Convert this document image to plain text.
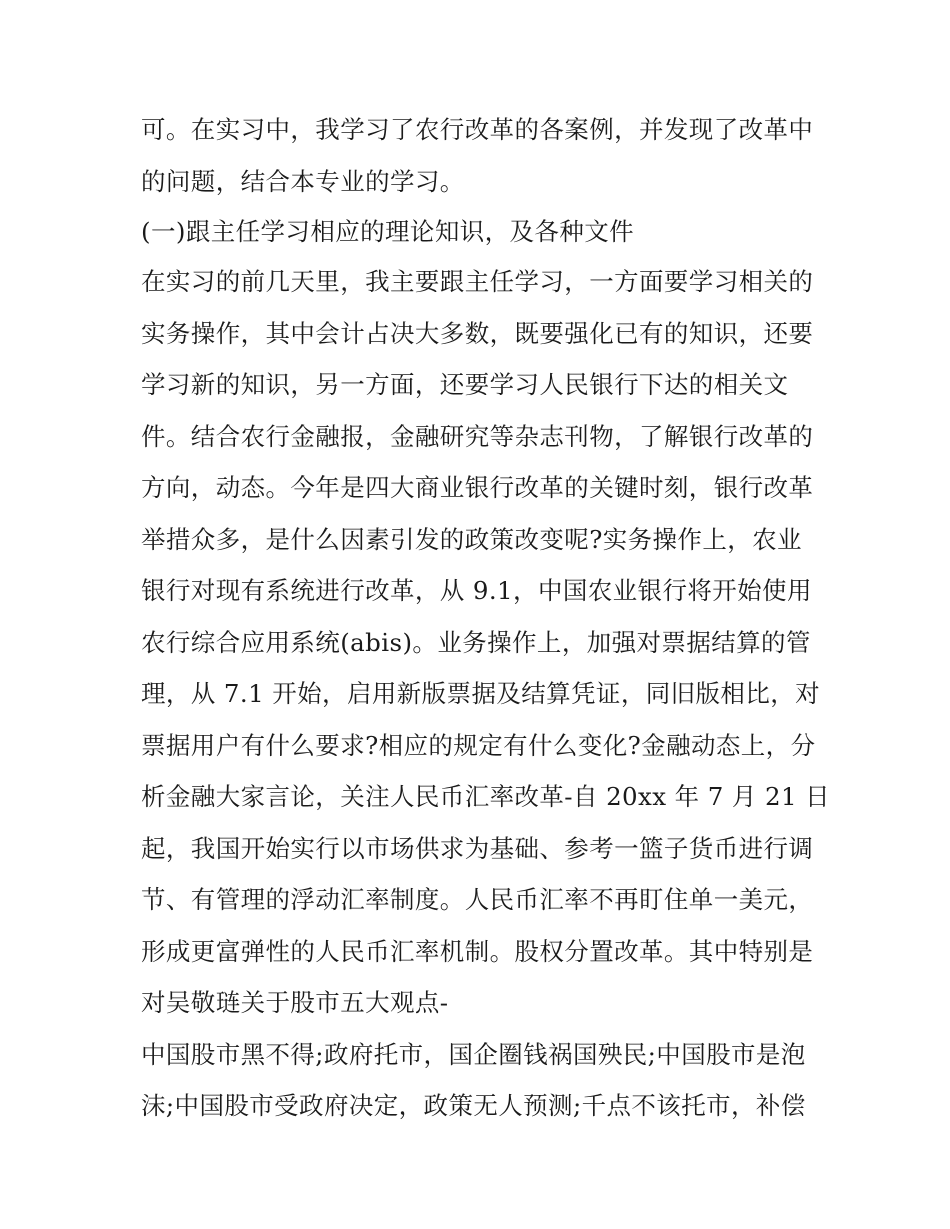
可。在实习中，我学习了农行改革的各案例，并发现了改革中
的问题，结合本专业的学习。
(一)跟主任学习相应的理论知识，及各种文件
在实习的前几天里，我主要跟主任学习，一方面要学习相关的
实务操作，其中会计占决大多数，既要强化已有的知识，还要
学习新的知识，另一方面，还要学习人民银行下达的相关文
件。结合农行金融报，金融研究等杂志刊物，了解银行改革的
方向，动态。今年是四大商业银行改革的关键时刻，银行改革
举措众多，是什么因素引发的政策改变呢?实务操作上，农业
银行对现有系统进行改革，从 9.1，中国农业银行将开始使用
农行综合应用系统(abis)。业务操作上，加强对票据结算的管
理，从 7.1 开始，启用新版票据及结算凭证，同旧版相比，对
票据用户有什么要求?相应的规定有什么变化?金融动态上，分
析金融大家言论，关注人民币汇率改革-自 20xx 年 7 月 21 日
起，我国开始实行以市场供求为基础、参考一篮子货币进行调
节、有管理的浮动汇率制度。人民币汇率不再盯住单一美元，
形成更富弹性的人民币汇率机制。股权分置改革。其中特别是
对吴敬琏关于股市五大观点-
中国股市黑不得;政府托市，国企圈钱祸国殃民;中国股市是泡
沫;中国股市受政府决定，政策无人预测;千点不该托市，补偿
